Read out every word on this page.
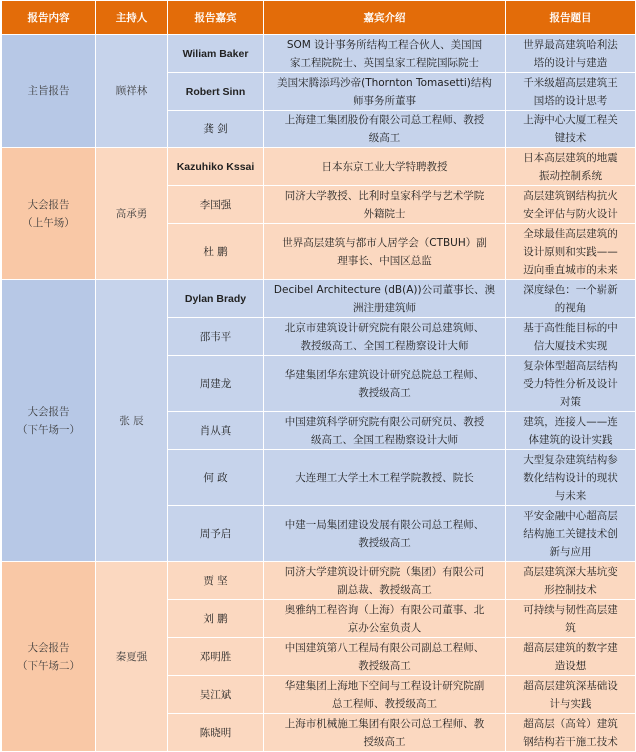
报告内容	主持人	报告嘉宾	嘉宾介绍	报告题目

主旨报告	顾祥林	Wiliam Baker	SOM 设计事务所结构工程合伙人、美国国
家工程院院士、英国皇家工程院国际院士	世界最高建筑哈利法
塔的设计与建造

		Robert Sinn	美国宋腾添玛沙帝(Thornton Tomasetti)结构
师事务所董事	千米级超高层建筑王
国塔的设计思考

		龚 剑	上海建工集团股份有限公司总工程师、教授
级高工	上海中心大厦工程关
键技术

大会报告
（上午场）	高承勇	Kazuhiko Kssai	日本东京工业大学特聘教授	日本高层建筑的地震
振动控制系统

		李国强	同济大学教授、比利时皇家科学与艺术学院
外籍院士	高层建筑钢结构抗火
安全评估与防火设计

		杜 鹏	世界高层建筑与都市人居学会（CTBUH）副
理事长、中国区总监	全球最佳高层建筑的
设计原则和实践——
迈向垂直城市的未来

大会报告
（下午场一）	张 辰	Dylan Brady	Decibel Architecture (dB(A))公司董事长、澳
洲注册建筑师	深度绿色：一个崭新
的视角

		邵韦平	北京市建筑设计研究院有限公司总建筑师、
教授级高工、全国工程勘察设计大师	基于高性能目标的中
信大厦技术实现

		周建龙	华建集团华东建筑设计研究总院总工程师、
教授级高工	复杂体型超高层结构
受力特性分析及设计
对策

		肖从真	中国建筑科学研究院有限公司研究员、教授
级高工、全国工程勘察设计大师	建筑，连接人——连
体建筑的设计实践

		何 政	大连理工大学土木工程学院教授、院长	大型复杂建筑结构参
数化结构设计的现状
与未来

		周予启	中建一局集团建设发展有限公司总工程师、
教授级高工	平安金融中心超高层
结构施工关键技术创
新与应用

大会报告
（下午场二）	秦夏强	贾 坚	同济大学建筑设计研究院（集团）有限公司
副总裁、教授级高工	高层建筑深大基坑变
形控制技术

		刘 鹏	奥雅纳工程咨询（上海）有限公司董事、北
京办公室负责人	可持续与韧性高层建
筑

		邓明胜	中国建筑第八工程局有限公司副总工程师、
教授级高工	超高层建筑的数字建
造设想

		吴江斌	华建集团上海地下空间与工程设计研究院副
总工程师、教授级高工	超高层建筑深基础设
计与实践

		陈晓明	上海市机械施工集团有限公司总工程师、教
授级高工	超高层（高耸）建筑
钢结构若干施工技术
